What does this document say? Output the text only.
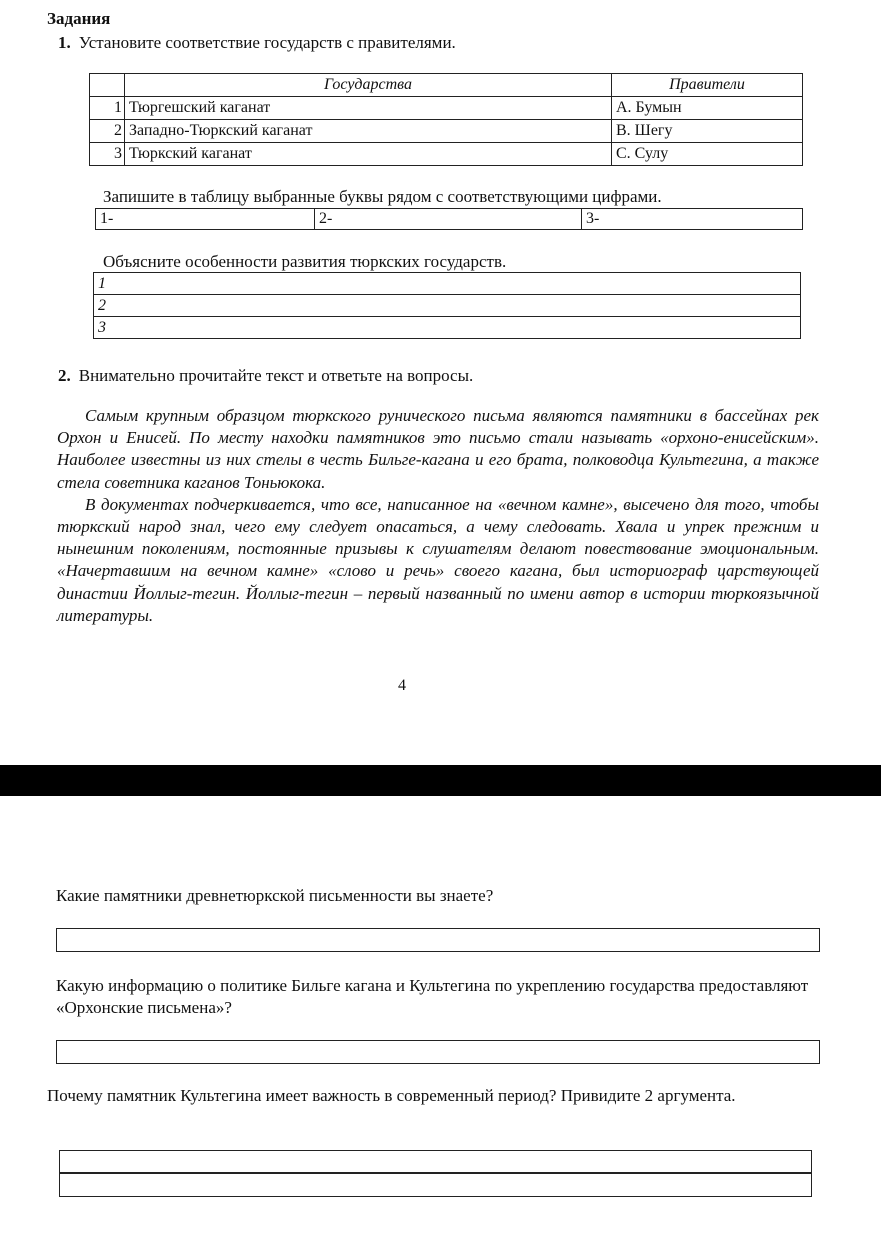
Задания
1. Установите соответствие государств с правителями.
	Государства	Правители
1	Тюргешский каганат	A. Бумын
2	Западно-Тюркский каганат	B. Шегу
3	Тюркский каганат	C. Сулу
Запишите в таблицу выбранные буквы рядом с соответствующими цифрами.
1-	2-	3-
Объясните особенности развития тюркских государств.
1
2
3
2. Внимательно прочитайте текст и ответьте на вопросы.

Самым крупным образцом тюркского рунического письма являются памятники в бассейнах рек Орхон и Енисей. По месту находки памятников это письмо стали называть «орхоно-енисейским». Наиболее известны из них стелы в честь Бильге-кагана и его брата, полководца Культегина, а также стела советника каганов Тоньюкока.

В документах подчеркивается, что все, написанное на «вечном камне», высечено для того, чтобы тюркский народ знал, чего ему следует опасаться, а чему следовать. Хвала и упрек прежним и нынешним поколениям, постоянные призывы к слушателям делают повествование эмоциональным. «Начертавшим на вечном камне» «слово и речь» своего кагана, был историограф царствующей династии Йоллыг-тегин. Йоллыг-тегин – первый названный по имени автор в истории тюркоязычной литературы.

4
Какие памятники древнетюркской письменности вы знаете?
Какую информацию о политике Бильге кагана и Культегина по укреплению государства предоставляют «Орхонские письмена»?
Почему памятник Культегина имеет важность в современный период? Привидите 2 аргумента.
